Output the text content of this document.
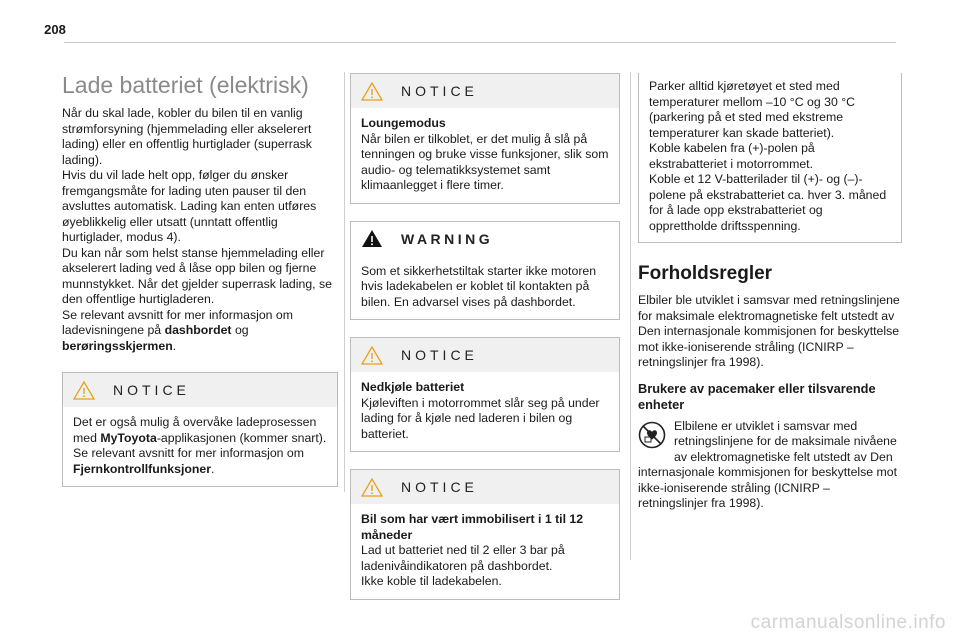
208
Lade batteriet (elektrisk)

Når du skal lade, kobler du bilen til en vanlig strømforsyning (hjemmelading eller akselerert lading) eller en offentlig hurtiglader (superrask lading).
Hvis du vil lade helt opp, følger du ønsker fremgangsmåte for lading uten pauser til den avsluttes automatisk. Lading kan enten utføres øyeblikkelig eller utsatt (unntatt offentlig hurtiglader, modus 4).
Du kan når som helst stanse hjemmelading eller akselerert lading ved å låse opp bilen og fjerne munnstykket. Når det gjelder superrask lading, se den offentlige hurtigladeren.
Se relevant avsnitt for mer informasjon om ladevisningene på dashbordet og berøringsskjermen.

NOTICE
Det er også mulig å overvåke ladeprosessen med MyToyota-applikasjonen (kommer snart).
Se relevant avsnitt for mer informasjon om Fjernkontrollfunksjoner.
NOTICE
Loungemodus
Når bilen er tilkoblet, er det mulig å slå på tenningen og bruke visse funksjoner, slik som audio- og telematikksystemet samt klimaanlegget i flere timer.
WARNING
Som et sikkerhetstiltak starter ikke motoren hvis ladekabelen er koblet til kontakten på bilen. En advarsel vises på dashbordet.
NOTICE
Nedkjøle batteriet
Kjøleviften i motorrommet slår seg på under lading for å kjøle ned laderen i bilen og batteriet.
NOTICE
Bil som har vært immobilisert i 1 til 12 måneder
Lad ut batteriet ned til 2 eller 3 bar på ladenivåindikatoren på dashbordet.
Ikke koble til ladekabelen.
Parker alltid kjøretøyet et sted med temperaturer mellom –10 °C og 30 °C (parkering på et sted med ekstreme temperaturer kan skade batteriet).
Koble kabelen fra (+)-polen på ekstrabatteriet i motorrommet.
Koble et 12 V-batterilader til (+)- og (–)-polene på ekstrabatteriet ca. hver 3. måned for å lade opp ekstrabatteriet og opprettholde driftsspenning.
Forholdsregler

Elbiler ble utviklet i samsvar med retningslinjene for maksimale elektromagnetiske felt utstedt av Den internasjonale kommisjonen for beskyttelse mot ikke-ioniserende stråling (ICNIRP – retningslinjer fra 1998).

Brukere av pacemaker eller tilsvarende enheter
Elbilene er utviklet i samsvar med retningslinjene for de maksimale nivåene av elektromagnetiske felt utstedt av Den internasjonale kommisjonen for beskyttelse mot ikke-ioniserende stråling (ICNIRP – retningslinjer fra 1998).
carmanualsonline.info
